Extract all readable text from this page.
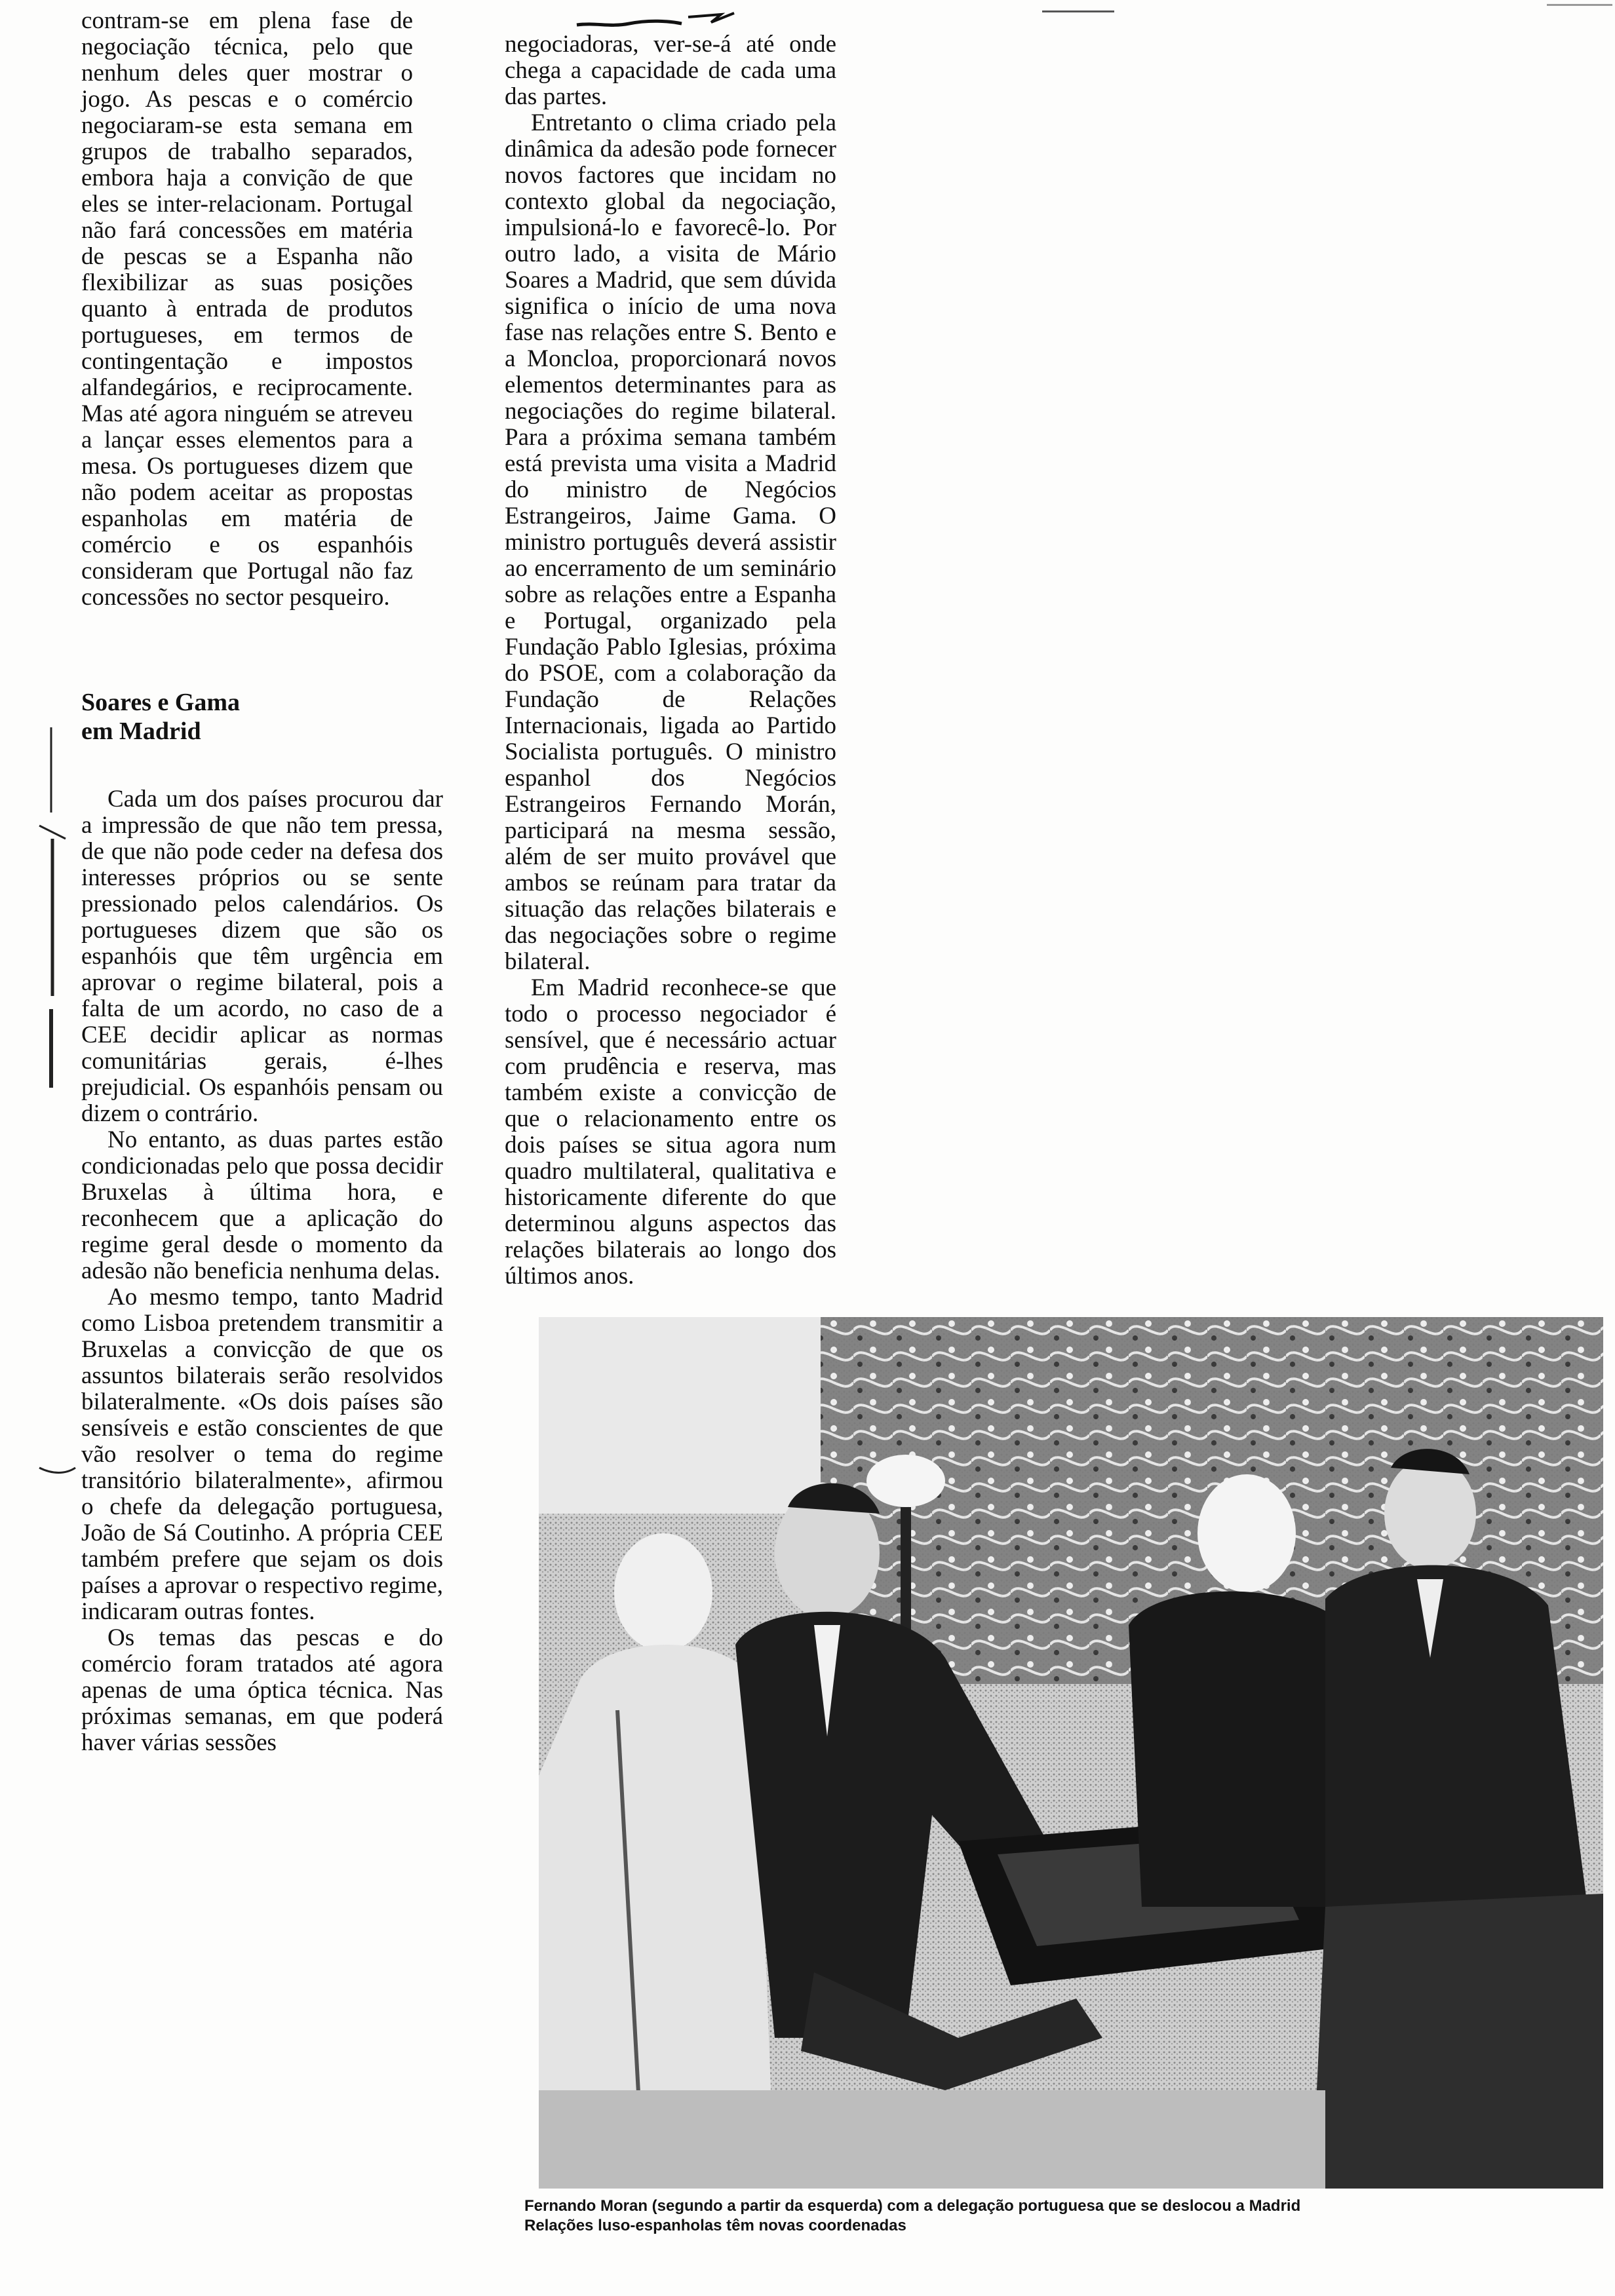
contram-se em plena fase de negociação técnica, pelo que nenhum deles quer mostrar o jogo. As pescas e o comércio negociaram-se esta semana em grupos de trabalho separados, embora haja a convição de que eles se inter-relacionam. Portugal não fará concessões em matéria de pescas se a Espanha não flexibilizar as suas posições quanto à entrada de produtos portugueses, em termos de contingentação e impostos alfandegários, e reciprocamente. Mas até agora ninguém se atreveu a lançar esses elementos para a mesa. Os portugueses dizem que não podem aceitar as propostas espanholas em matéria de comércio e os espanhóis consideram que Portugal não faz concessões no sector pesqueiro.

Soares e Gama
em Madrid

Cada um dos países procurou dar a impressão de que não tem pressa, de que não pode ceder na defesa dos interesses próprios ou se sente pressionado pelos calendários. Os portugueses dizem que são os espanhóis que têm urgência em aprovar o regime bilateral, pois a falta de um acordo, no caso de a CEE decidir aplicar as normas comunitárias gerais, é-lhes prejudicial. Os espanhóis pensam ou dizem o contrário.

No entanto, as duas partes estão condicionadas pelo que possa decidir Bruxelas à última hora, e reconhecem que a aplicação do regime geral desde o momento da adesão não beneficia nenhuma delas.

Ao mesmo tempo, tanto Madrid como Lisboa pretendem transmitir a Bruxelas a convicção de que os assuntos bilaterais serão resolvidos bilateralmente. «Os dois países são sensíveis e estão conscientes de que vão resolver o tema do regime transitório bilateralmente», afirmou o chefe da delegação portuguesa, João de Sá Coutinho. A própria CEE também prefere que sejam os dois países a aprovar o respectivo regime, indicaram outras fontes.

Os temas das pescas e do comércio foram tratados até agora apenas de uma óptica técnica. Nas próximas semanas, em que poderá haver várias sessões

negociadoras, ver-se-á até onde chega a capacidade de cada uma das partes.

Entretanto o clima criado pela dinâmica da adesão pode fornecer novos factores que incidam no contexto global da negociação, impulsioná-lo e favorecê-lo. Por outro lado, a visita de Mário Soares a Madrid, que sem dúvida significa o início de uma nova fase nas relações entre S. Bento e a Moncloa, proporcionará novos elementos determinantes para as negociações do regime bilateral. Para a próxima semana também está prevista uma visita a Madrid do ministro de Negócios Estrangeiros, Jaime Gama. O ministro português deverá assistir ao encerramento de um seminário sobre as relações entre a Espanha e Portugal, organizado pela Fundação Pablo Iglesias, próxima do PSOE, com a colaboração da Fundação de Relações Internacionais, ligada ao Partido Socialista português. O ministro espanhol dos Negócios Estrangeiros Fernando Morán, participará na mesma sessão, além de ser muito provável que ambos se reúnam para tratar da situação das relações bilaterais e das negociações sobre o regime bilateral.

Em Madrid reconhece-se que todo o processo negociador é sensível, que é necessário actuar com prudência e reserva, mas também existe a convicção de que o relacionamento entre os dois países se situa agora num quadro multilateral, qualitativa e historicamente diferente do que determinou alguns aspectos das relações bilaterais ao longo dos últimos anos.

Fernando Moran (segundo a partir da esquerda) com a delegação portuguesa que se deslocou a Madrid
Relações luso-espanholas têm novas coordenadas
